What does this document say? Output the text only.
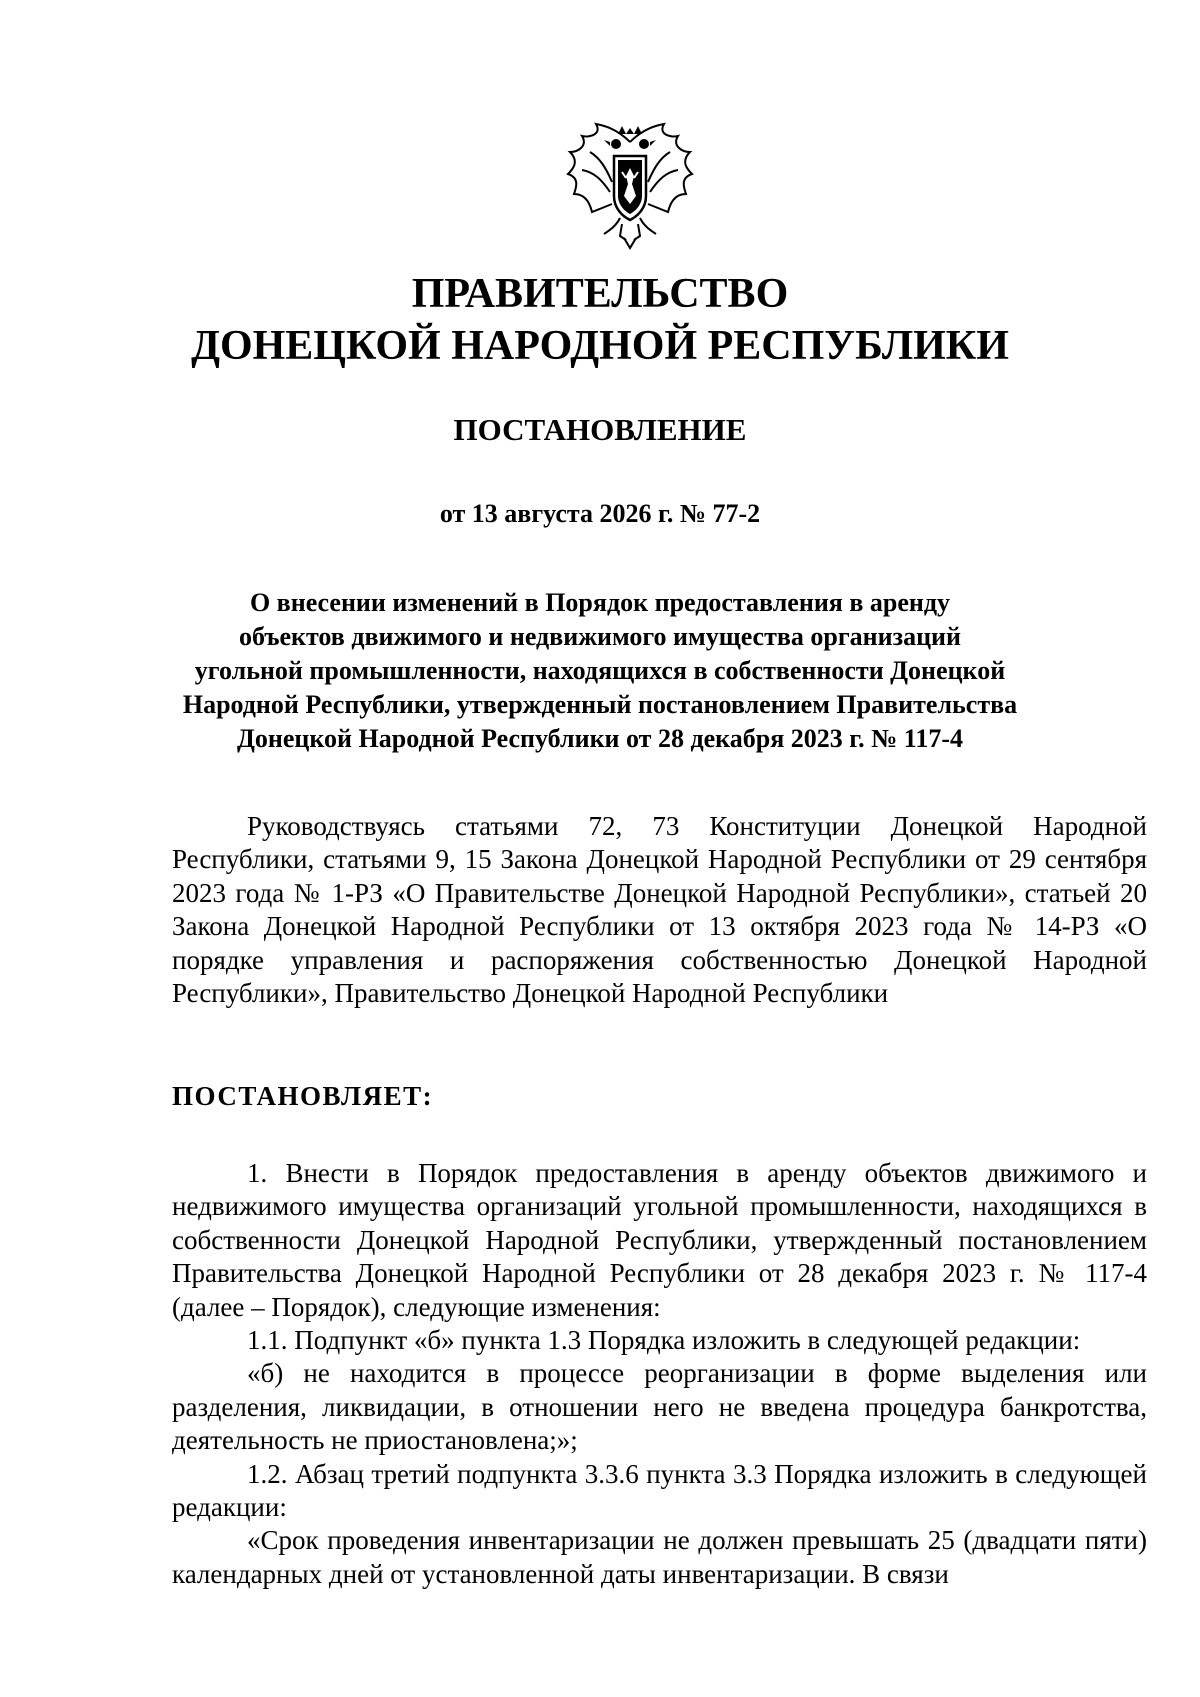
ПРАВИТЕЛЬСТВО
ДОНЕЦКОЙ НАРОДНОЙ РЕСПУБЛИКИ
ПОСТАНОВЛЕНИЕ
от 13 августа 2026 г. № 77-2
О внесении изменений в Порядок предоставления в аренду
объектов движимого и недвижимого имущества организаций
угольной промышленности, находящихся в собственности Донецкой
Народной Республики, утвержденный постановлением Правительства
Донецкой Народной Республики от 28 декабря 2023 г. № 117-4

Руководствуясь статьями 72, 73 Конституции Донецкой Народной Республики, статьями 9, 15 Закона Донецкой Народной Республики от 29 сентября 2023 года № 1-РЗ «О Правительстве Донецкой Народной Республики», статьей 20 Закона Донецкой Народной Республики от 13 октября 2023 года № 14-РЗ «О порядке управления и распоряжения собственностью Донецкой Народной Республики», Правительство Донецкой Народной Республики

ПОСТАНОВЛЯЕТ:

1. Внести в Порядок предоставления в аренду объектов движимого и недвижимого имущества организаций угольной промышленности, находящихся в собственности Донецкой Народной Республики, утвержденный постановлением Правительства Донецкой Народной Республики от 28 декабря 2023 г. № 117-4 (далее – Порядок), следующие изменения:

1.1. Подпункт «б» пункта 1.3 Порядка изложить в следующей редакции:

«б) не находится в процессе реорганизации в форме выделения или разделения, ликвидации, в отношении него не введена процедура банкротства, деятельность не приостановлена;»;

1.2. Абзац третий подпункта 3.3.6 пункта 3.3 Порядка изложить в следующей редакции:

«Срок проведения инвентаризации не должен превышать 25 (двадцати пяти) календарных дней от установленной даты инвентаризации. В связи
